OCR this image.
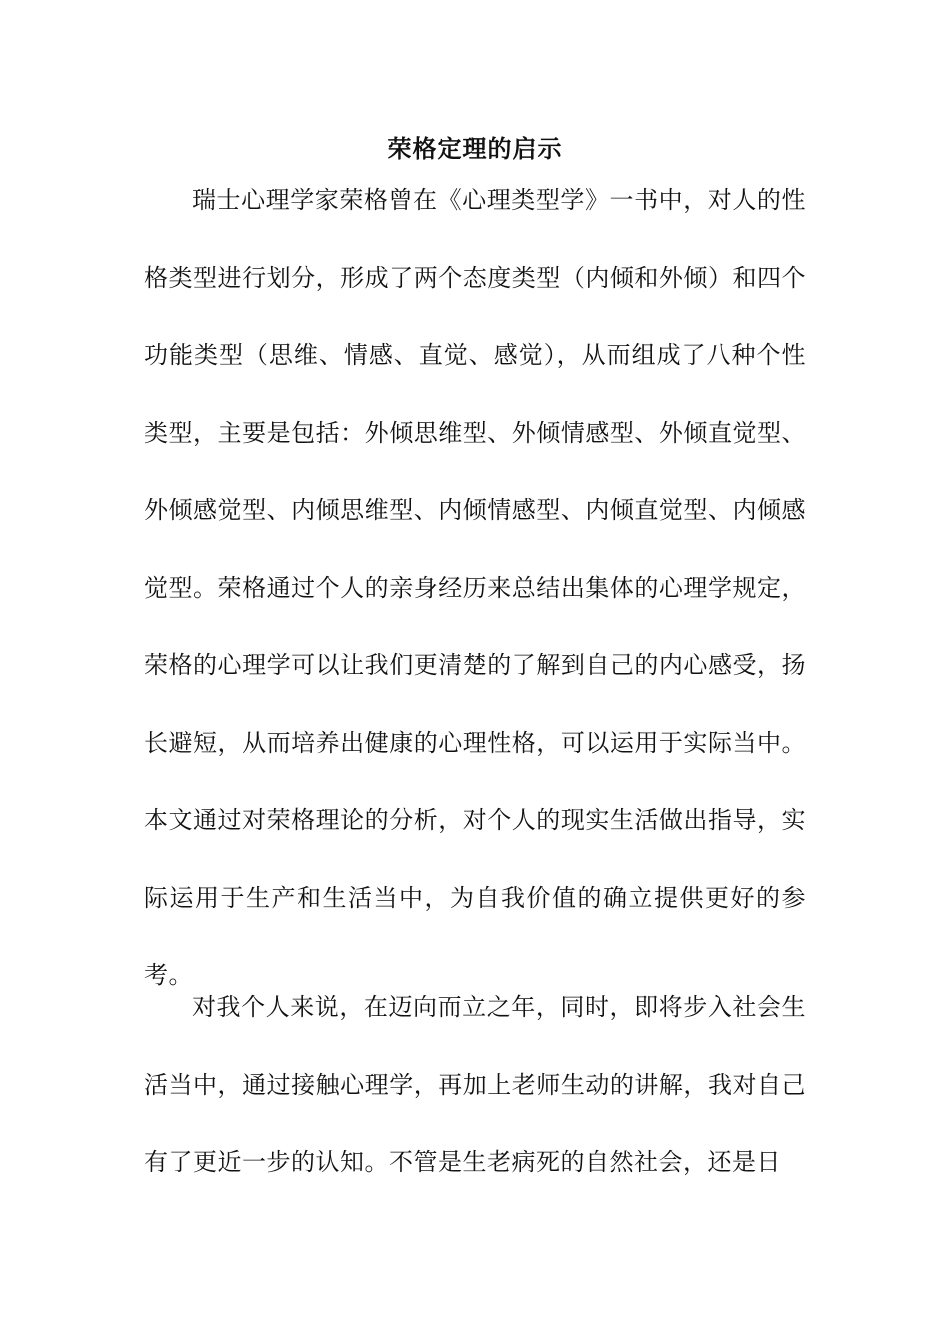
荣格定理的启示

瑞士心理学家荣格曾在《心理类型学》一书中，对人的性格类型进行划分，形成了两个态度类型（内倾和外倾）和四个功能类型（思维、情感、直觉、感觉），从而组成了八种个性类型，主要是包括：外倾思维型、外倾情感型、外倾直觉型、外倾感觉型、内倾思维型、内倾情感型、内倾直觉型、内倾感觉型。荣格通过个人的亲身经历来总结出集体的心理学规定，荣格的心理学可以让我们更清楚的了解到自己的内心感受，扬长避短，从而培养出健康的心理性格，可以运用于实际当中。本文通过对荣格理论的分析，对个人的现实生活做出指导，实际运用于生产和生活当中，为自我价值的确立提供更好的参考。

对我个人来说，在迈向而立之年，同时，即将步入社会生活当中，通过接触心理学，再加上老师生动的讲解，我对自己有了更近一步的认知。不管是生老病死的自然社会，还是日
